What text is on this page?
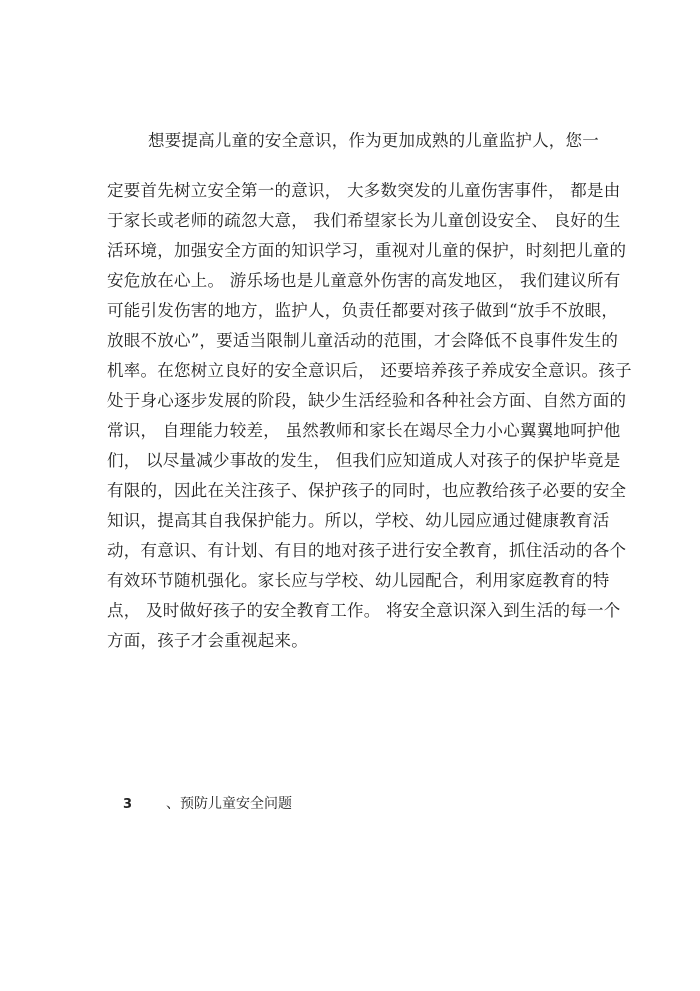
想要提高儿童的安全意识，作为更加成熟的儿童监护人，您一
定要首先树立安全第一的意识， 大多数突发的儿童伤害事件， 都是由
于家长或老师的疏忽大意， 我们希望家长为儿童创设安全、 良好的生
活环境，加强安全方面的知识学习，重视对儿童的保护，时刻把儿童的
安危放在心上。 游乐场也是儿童意外伤害的高发地区， 我们建议所有
可能引发伤害的地方，监护人，负责任都要对孩子做到“放手不放眼，
放眼不放心”，要适当限制儿童活动的范围，才会降低不良事件发生的
机率。在您树立良好的安全意识后， 还要培养孩子养成安全意识。孩子
处于身心逐步发展的阶段，缺少生活经验和各种社会方面、自然方面的
常识， 自理能力较差， 虽然教师和家长在竭尽全力小心翼翼地呵护他
们， 以尽量减少事故的发生， 但我们应知道成人对孩子的保护毕竟是
有限的，因此在关注孩子、保护孩子的同时，也应教给孩子必要的安全
知识，提高其自我保护能力。所以，学校、幼儿园应通过健康教育活
动，有意识、有计划、有目的地对孩子进行安全教育，抓住活动的各个
有效环节随机强化。家长应与学校、幼儿园配合，利用家庭教育的特
点， 及时做好孩子的安全教育工作。 将安全意识深入到生活的每一个
方面，孩子才会重视起来。
3 、预防儿童安全问题
